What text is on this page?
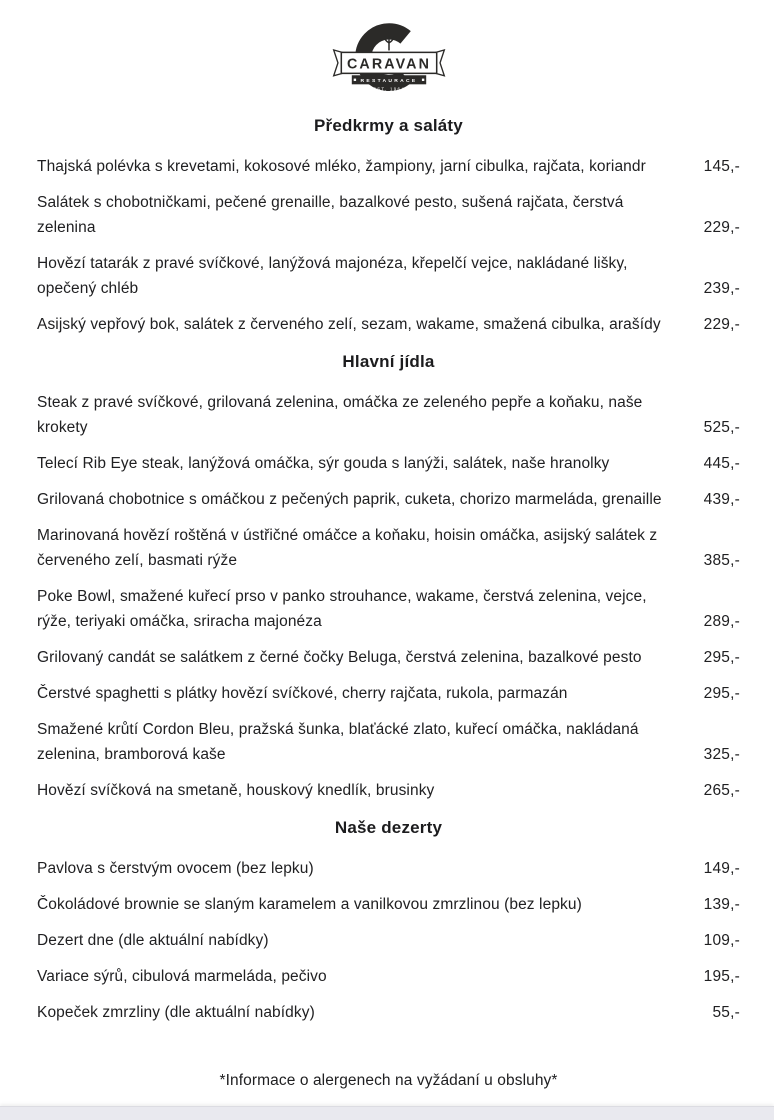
CARAVAN
RESTAURACE
EST. 1964
Předkrmy a saláty
Thajská polévka s krevetami, kokosové mléko, žampiony, jarní cibulka, rajčata, koriandr	145,-
Salátek s chobotničkami, pečené grenaille, bazalkové pesto, sušená rajčata, čerstvá zelenina	229,-
Hovězí tatarák z pravé svíčkové, lanýžová majonéza, křepelčí vejce, nakládané lišky, opečený chléb	239,-
Asijský vepřový bok, salátek z červeného zelí, sezam, wakame, smažená cibulka, arašídy	229,-
Hlavní jídla
Steak z pravé svíčkové, grilovaná zelenina, omáčka ze zeleného pepře a koňaku, naše krokety	525,-
Telecí Rib Eye steak, lanýžová omáčka, sýr gouda s lanýži, salátek, naše hranolky	445,-
Grilovaná chobotnice s omáčkou z pečených paprik, cuketa, chorizo marmeláda, grenaille	439,-
Marinovaná hovězí roštěná v ústřičné omáčce a koňaku, hoisin omáčka, asijský salátek z červeného zelí, basmati rýže	385,-
Poke Bowl, smažené kuřecí prso v panko strouhance, wakame, čerstvá zelenina, vejce, rýže, teriyaki omáčka, sriracha majonéza	289,-
Grilovaný candát se salátkem z černé čočky Beluga, čerstvá zelenina, bazalkové pesto	295,-
Čerstvé spaghetti s plátky hovězí svíčkové, cherry rajčata, rukola, parmazán	295,-
Smažené krůtí Cordon Bleu, pražská šunka, blaťácké zlato, kuřecí omáčka, nakládaná zelenina, bramborová kaše	325,-
Hovězí svíčková na smetaně, houskový knedlík, brusinky	265,-
Naše dezerty
Pavlova s čerstvým ovocem (bez lepku)	149,-
Čokoládové brownie se slaným karamelem a vanilkovou zmrzlinou (bez lepku)	139,-
Dezert dne (dle aktuální nabídky)	109,-
Variace sýrů, cibulová marmeláda, pečivo	195,-
Kopeček zmrzliny (dle aktuální nabídky)	55,-
*Informace o alergenech na vyžádaní u obsluhy*
